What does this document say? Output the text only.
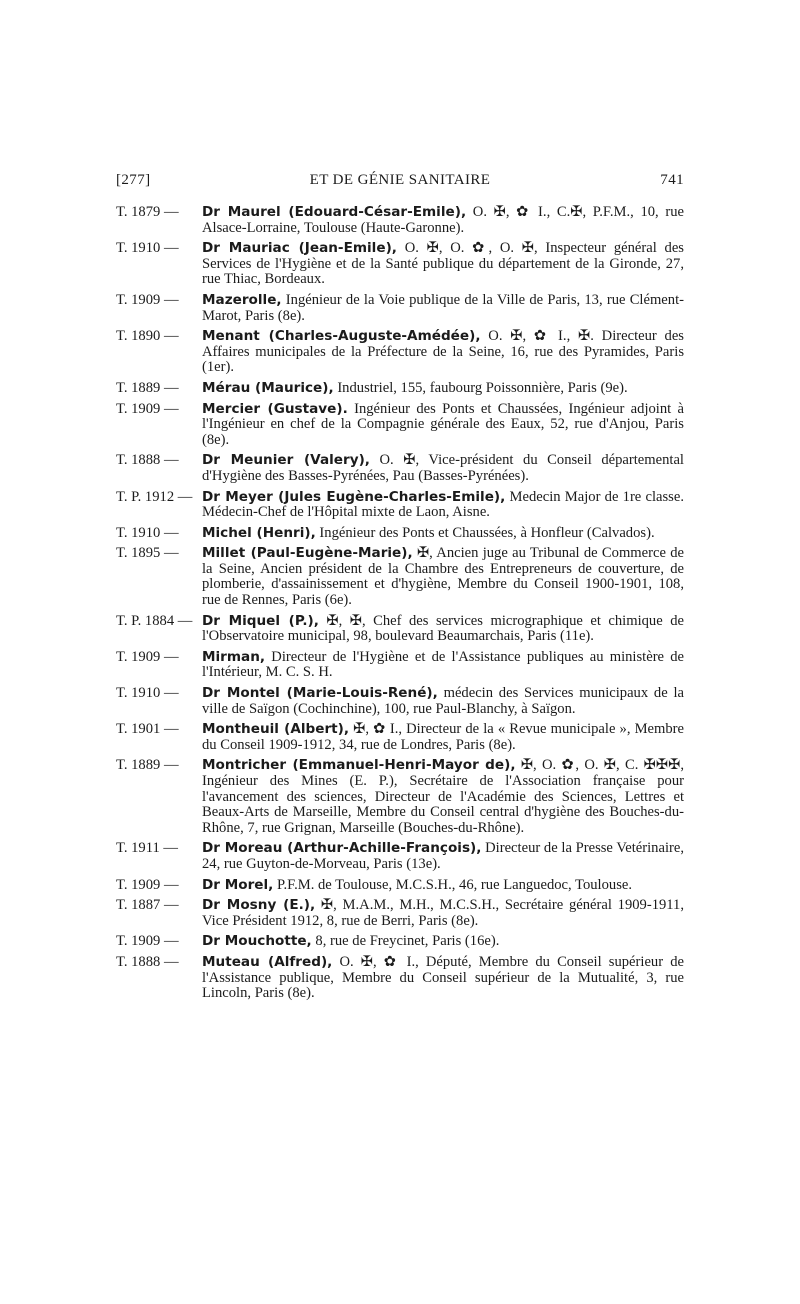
[277]	ET DE GÉNIE SANITAIRE	741
T. 1879 — Dr Maurel (Edouard-César-Emile), O. ✠, ✿ I., C.✠, P.F.M., 10, rue Alsace-Lorraine, Toulouse (Haute-Garonne).
T. 1910 — Dr Mauriac (Jean-Emile), O. ✠, O. ✿, O. ✠, Inspecteur général des Services de l'Hygiène et de la Santé publique du département de la Gironde, 27, rue Thiac, Bordeaux.
T. 1909 — Mazerolle, Ingénieur de la Voie publique de la Ville de Paris, 13, rue Clément-Marot, Paris (8e).
T. 1890 — Menant (Charles-Auguste-Amédée), O. ✠, ✿ I., ✠. Directeur des Affaires municipales de la Préfecture de la Seine, 16, rue des Pyramides, Paris (1er).
T. 1889 — Mérau (Maurice), Industriel, 155, faubourg Poissonnière, Paris (9e).
T. 1909 — Mercier (Gustave). Ingénieur des Ponts et Chaussées, Ingénieur adjoint à l'Ingénieur en chef de la Compagnie générale des Eaux, 52, rue d'Anjou, Paris (8e).
T. 1888 — Dr Meunier (Valery), O. ✠, Vice-président du Conseil départemental d'Hygiène des Basses-Pyrénées, Pau (Basses-Pyrénées).
T. P. 1912 — Dr Meyer (Jules Eugène-Charles-Emile), Medecin Major de 1re classe. Médecin-Chef de l'Hôpital mixte de Laon, Aisne.
T. 1910 — Michel (Henri), Ingénieur des Ponts et Chaussées, à Honfleur (Calvados).
T. 1895 — Millet (Paul-Eugène-Marie), ✠, Ancien juge au Tribunal de Commerce de la Seine, Ancien président de la Chambre des Entrepreneurs de couverture, de plomberie, d'assainissement et d'hygiène, Membre du Conseil 1900-1901, 108, rue de Rennes, Paris (6e).
T. P. 1884 — Dr Miquel (P.), ✠, ✠, Chef des services micrographique et chimique de l'Observatoire municipal, 98, boulevard Beaumarchais, Paris (11e).
T. 1909 — Mirman, Directeur de l'Hygiène et de l'Assistance publiques au ministère de l'Intérieur, M. C. S. H.
T. 1910 — Dr Montel (Marie-Louis-René), médecin des Services municipaux de la ville de Saïgon (Cochinchine), 100, rue Paul-Blanchy, à Saïgon.
T. 1901 — Montheuil (Albert), ✠, ✿ I., Directeur de la « Revue municipale », Membre du Conseil 1909-1912, 34, rue de Londres, Paris (8e).
T. 1889 — Montricher (Emmanuel-Henri-Mayor de), ✠, O. ✿, O. ✠, C. ✠✠✠, Ingénieur des Mines (E. P.), Secrétaire de l'Association française pour l'avancement des sciences, Directeur de l'Académie des Sciences, Lettres et Beaux-Arts de Marseille, Membre du Conseil central d'hygiène des Bouches-du-Rhône, 7, rue Grignan, Marseille (Bouches-du-Rhône).
T. 1911 — Dr Moreau (Arthur-Achille-François), Directeur de la Presse Vetérinaire, 24, rue Guyton-de-Morveau, Paris (13e).
T. 1909 — Dr Morel, P.F.M. de Toulouse, M.C.S.H., 46, rue Languedoc, Toulouse.
T. 1887 — Dr Mosny (E.), ✠, M.A.M., M.H., M.C.S.H., Secrétaire général 1909-1911, Vice Président 1912, 8, rue de Berri, Paris (8e).
T. 1909 — Dr Mouchotte, 8, rue de Freycinet, Paris (16e).
T. 1888 — Muteau (Alfred), O. ✠, ✿ I., Député, Membre du Conseil supérieur de l'Assistance publique, Membre du Conseil supérieur de la Mutualité, 3, rue Lincoln, Paris (8e).
